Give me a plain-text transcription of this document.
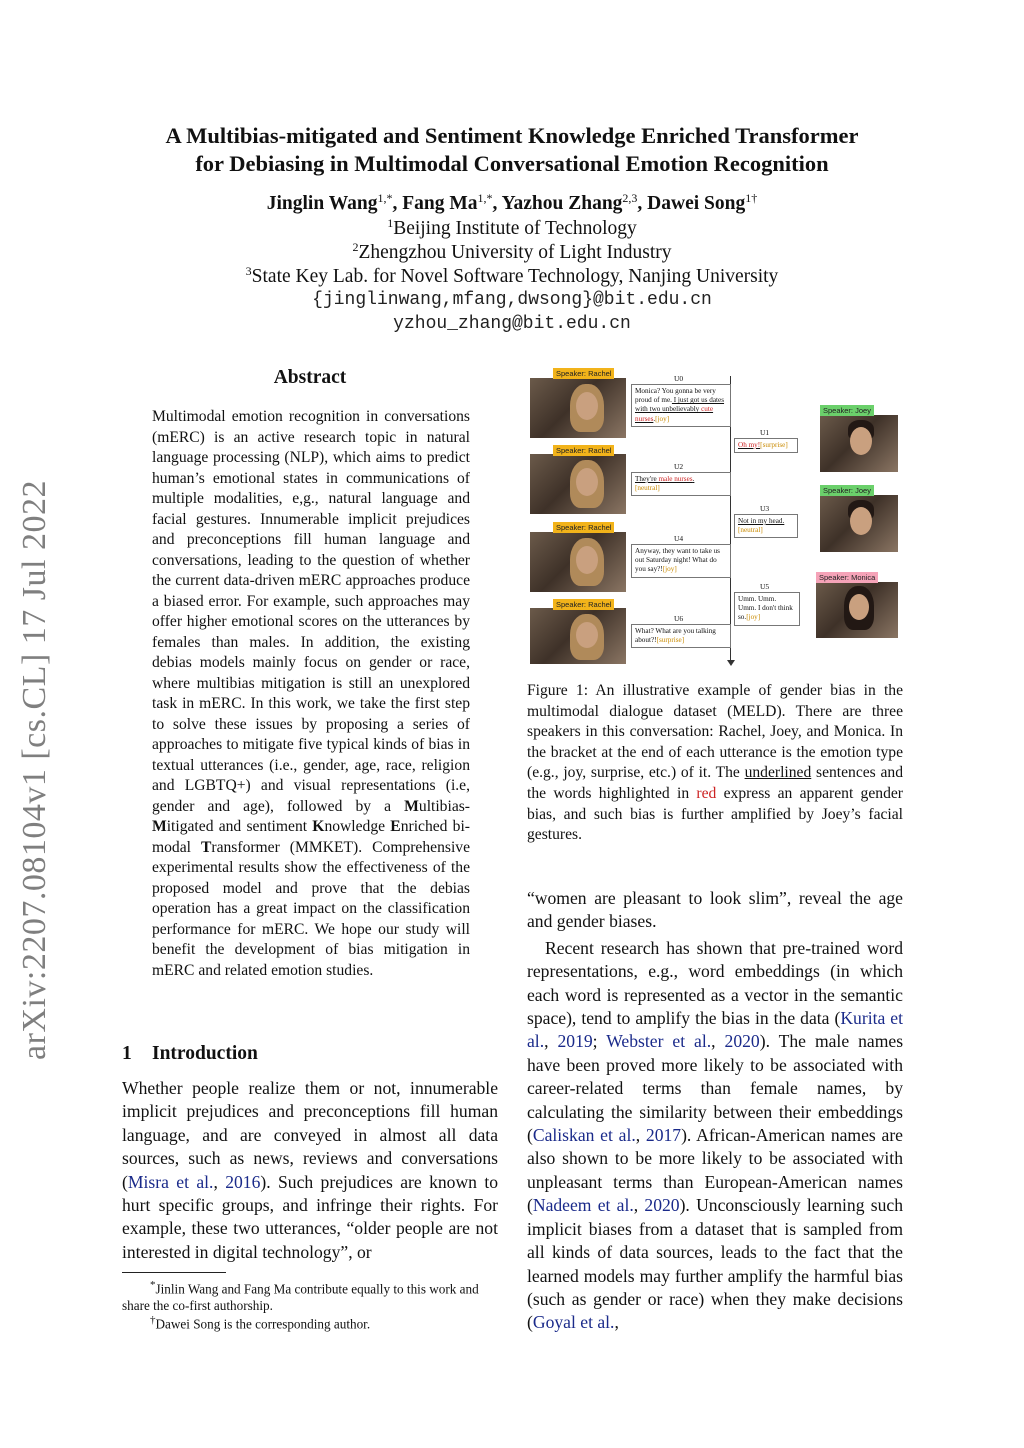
A Multibias-mitigated and Sentiment Knowledge Enriched Transformer
for Debiasing in Multimodal Conversational Emotion Recognition
Jinglin Wang$^{1,*}$, Fang $Ma^{1,*}$, Yazhou Zhang$^{2,3}$, Dawei Song$^{1\dagger}$
$^1$Beijing Institute of Technology
$^2$Zhengzhou University of Light Industry
$^3$State Key Lab. for Novel Software Technology, Nanjing University
{jinglinwang,mfang,dwsong}@bit.edu.cn
yzhou_zhang@bit.edu.cn
arXiv:2207.08104v1 [cs.CL] 17 Jul 2022
Abstract
Multimodal emotion recognition in conversations (mERC) is an active research topic in natural language processing (NLP), which aims to predict human’s emotional states in communications of multiple modalities, e,g., natural language and facial gestures. Innumerable implicit prejudices and preconceptions fill human language and conversations, leading to the question of whether the current data-driven mERC approaches produce a biased error. For example, such approaches may offer higher emotional scores on the utterances by females than males. In addition, the existing debias models mainly focus on gender or race, where multibias mitigation is still an unexplored task in mERC. In this work, we take the first step to solve these issues by proposing a series of approaches to mitigate five typical kinds of bias in textual utterances (i.e., gender, age, race, religion and LGBTQ+) and visual representations (i.e, gender and age), followed by a Multibias-Mitigated and sentiment Knowledge Enriched bi-modal Transformer (MMKET). Comprehensive experimental results show the effectiveness of the proposed model and prove that the debias operation has a great impact on the classification performance for mERC. We hope our study will benefit the development of bias mitigation in mERC and related emotion studies.
1 Introduction
Whether people realize them or not, innumerable implicit prejudices and preconceptions fill human language, and are conveyed in almost all data sources, such as news, reviews and conversations (Misra et al., 2016). Such prejudices are known to hurt specific groups, and infringe their rights. For example, these two utterances, “older people are not interested in digital technology”, or
*Jinlin Wang and Fang Ma contribute equally to this work and share the co-first authorship.
†Dawei Song is the corresponding author.
Speaker: Rachel
Speaker: Rachel
Speaker: Rachel
Speaker: Rachel
U0
Monica? You gonna be very proud of me. I just got us dates with two unbelievably cute nurses.[joy]
U2
They're male nurses.
[neutral]
U4
Anyway, they want to take us out Saturday night! What do you say?![joy]
U6
What? What are you talking about?![surprise]
Speaker: Joey
Speaker: Joey
Speaker: Monica
U1
Oh my![surprise]
U3
Not in my head.
[neutral]
U5
Umm. Umm. Umm. I don't think so.[joy]
Figure 1: An illustrative example of gender bias in the multimodal dialogue dataset (MELD). There are three speakers in this conversation: Rachel, Joey, and Monica. In the bracket at the end of each utterance is the emotion type (e.g., joy, surprise, etc.) of it. The underlined sentences and the words highlighted in red express an apparent gender bias, and such bias is further amplified by Joey’s facial gestures.

“women are pleasant to look slim”, reveal the age and gender biases.

Recent research has shown that pre-trained word representations, e.g., word embeddings (in which each word is represented as a vector in the semantic space), tend to amplify the bias in the data (Kurita et al., 2019; Webster et al., 2020). The male names have been proved more likely to be associated with career-related terms than female names, by calculating the similarity between their embeddings (Caliskan et al., 2017). African-American names are also shown to be more likely to be associated with unpleasant terms than European-American names (Nadeem et al., 2020). Unconsciously learning such implicit biases from a dataset that is sampled from all kinds of data sources, leads to the fact that the learned models may further amplify the harmful bias (such as gender or race) when they make decisions (Goyal et al.,
